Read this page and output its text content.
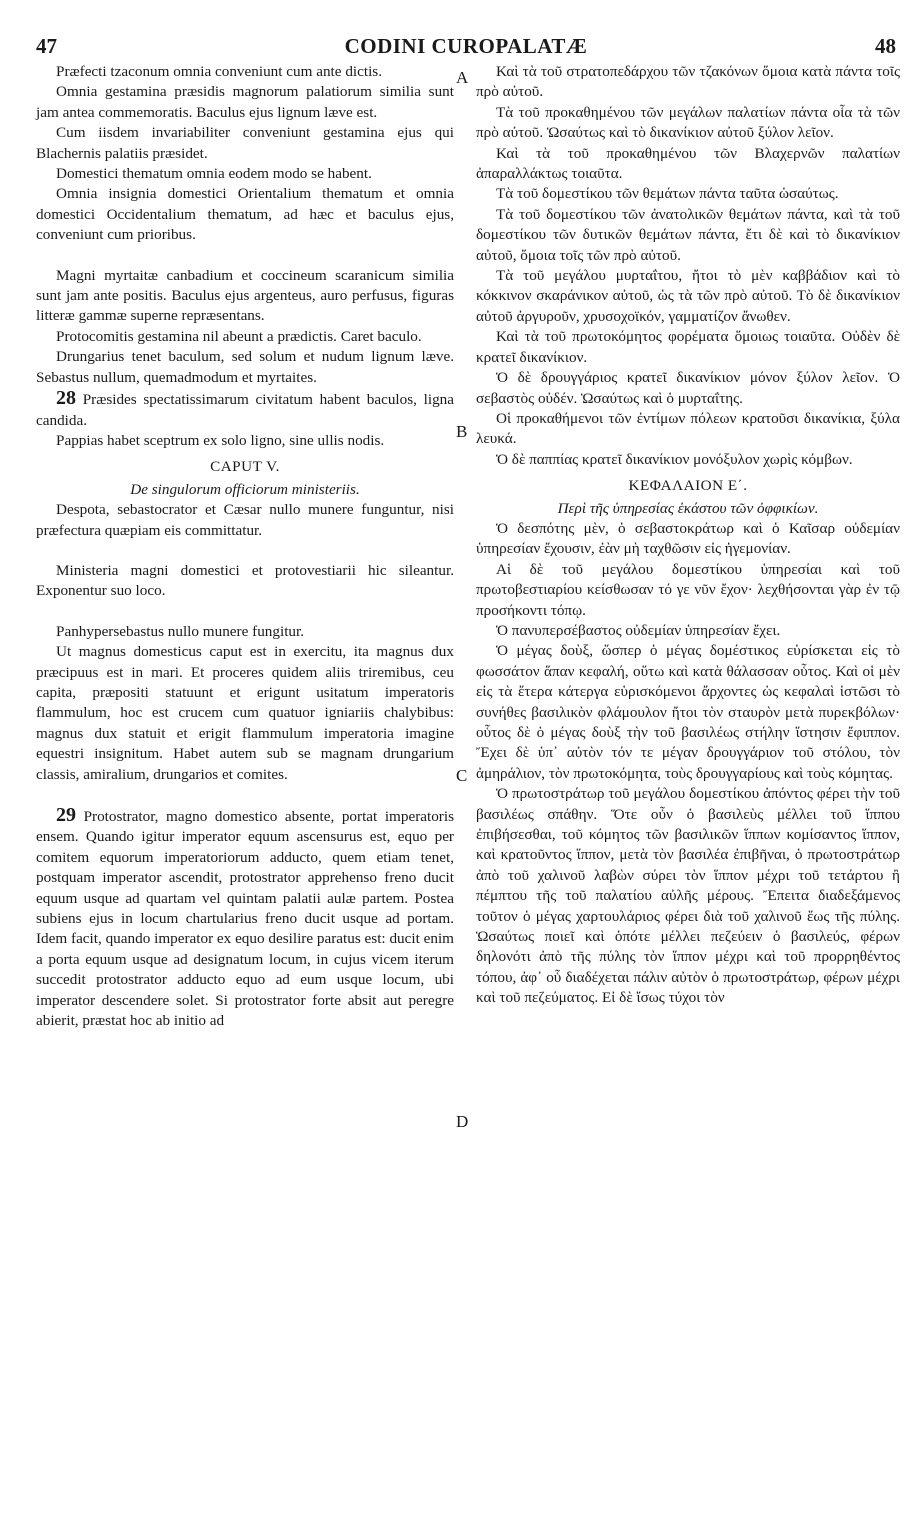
47	CODINI CUROPALATÆ	48
A
B
C
D

Præfecti tzaconum omnia conveniunt cum ante dictis.

Omnia gestamina præsidis magnorum palatiorum similia sunt jam antea commemoratis. Baculus ejus lignum læve est.

Cum iisdem invariabiliter conveniunt gestamina ejus qui Blachernis palatiis præsidet.

Domestici thematum omnia eodem modo se habent.

Omnia insignia domestici Orientalium thematum et omnia domestici Occidentalium thematum, ad hæc et baculus ejus, conveniunt cum prioribus.

Magni myrtaitæ canbadium et coccineum scaranicum similia sunt jam ante positis. Baculus ejus argenteus, auro perfusus, figuras litteræ gammæ superne repræsentans.

Protocomitis gestamina nil abeunt a prædictis. Caret baculo.

Drungarius tenet baculum, sed solum et nudum lignum læve. Sebastus nullum, quemadmodum et myrtaites.

28 Præsides spectatissimarum civitatum habent baculos, ligna candida.

Pappias habet sceptrum ex solo ligno, sine ullis nodis.

CAPUT V.

De singulorum officiorum ministeriis.

Despota, sebastocrator et Cæsar nullo munere funguntur, nisi præfectura quæpiam eis committatur.

Ministeria magni domestici et protovestiarii hic sileantur. Exponentur suo loco.

Panhypersebastus nullo munere fungitur.

Ut magnus domesticus caput est in exercitu, ita magnus dux præcipuus est in mari. Et proceres quidem aliis triremibus, ceu capita, præpositi statuunt et erigunt usitatum imperatoris flammulum, hoc est crucem cum quatuor igniariis chalybibus: magnus dux statuit et erigit flammulum imperatoria imagine equestri insignitum. Habet autem sub se magnam drungarium classis, amiralium, drungarios et comites.

29 Protostrator, magno domestico absente, portat imperatoris ensem. Quando igitur imperator equum ascensurus est, equo per comitem equorum imperatoriorum adducto, quem etiam tenet, postquam imperator ascendit, protostrator apprehenso freno ducit equum usque ad quartam vel quintam palatii aulæ partem. Postea subiens ejus in locum chartularius freno ducit usque ad portam. Idem facit, quando imperator ex equo desilire paratus est: ducit enim a porta equum usque ad designatum locum, in cujus vicem iterum succedit protostrator adducto equo ad eum usque locum, ubi imperator descendere solet. Si protostrator forte absit aut peregre abierit, præstat hoc ab initio ad

Καὶ τὰ τοῦ στρατοπεδάρχου τῶν τζακόνων ὅμοια κατὰ πάντα τοῖς πρὸ αὐτοῦ.

Τὰ τοῦ προκαθημένου τῶν μεγάλων παλατίων πάντα οἷα τὰ τῶν πρὸ αὐτοῦ. Ὡσαύτως καὶ τὸ δικανίκιον αὐτοῦ ξύλον λεῖον.

Καὶ τὰ τοῦ προκαθημένου τῶν Βλαχερνῶν παλατίων ἀπαραλλάκτως τοιαῦτα.

Τὰ τοῦ δομεστίκου τῶν θεμάτων πάντα ταῦτα ὡσαύτως.

Τὰ τοῦ δομεστίκου τῶν ἀνατολικῶν θεμάτων πάντα, καὶ τὰ τοῦ δομεστίκου τῶν δυτικῶν θεμάτων πάντα, ἔτι δὲ καὶ τὸ δικανίκιον αὐτοῦ, ὅμοια τοῖς τῶν πρὸ αὐτοῦ.

Τὰ τοῦ μεγάλου μυρταΐτου, ἤτοι τὸ μὲν καββάδιον καὶ τὸ κόκκινον σκαράνικον αὐτοῦ, ὡς τὰ τῶν πρὸ αὐτοῦ. Τὸ δὲ δικανίκιον αὐτοῦ ἀργυροῦν, χρυσοχοϊκόν, γαμματίζον ἄνωθεν.

Καὶ τὰ τοῦ πρωτοκόμητος φορέματα ὅμοιως τοιαῦτα. Οὐδὲν δὲ κρατεῖ δικανίκιον.

Ὁ δὲ δρουγγάριος κρατεῖ δικανίκιον μόνον ξύλον λεῖον. Ὁ σεβαστὸς οὐδέν. Ὡσαύτως καὶ ὁ μυρταΐτης.

Οἱ προκαθήμενοι τῶν ἐντίμων πόλεων κρατοῦσι δικανίκια, ξύλα λευκά.

Ὁ δὲ παππίας κρατεῖ δικανίκιον μονόξυλον χωρὶς κόμβων.

ΚΕΦΑΛΑΙΟΝ Ε΄.

Περὶ τῆς ὑπηρεσίας ἑκάστου τῶν ὀφφικίων.

Ὁ δεσπότης μὲν, ὁ σεβαστοκράτωρ καὶ ὁ Καῖσαρ οὐδεμίαν ὑπηρεσίαν ἔχουσιν, ἐὰν μὴ ταχθῶσιν εἰς ἡγεμονίαν.

Αἱ δὲ τοῦ μεγάλου δομεστίκου ὑπηρεσίαι καὶ τοῦ πρωτοβεστιαρίου κείσθωσαν τό γε νῦν ἔχον· λεχθήσονται γὰρ ἐν τῷ προσήκοντι τόπῳ.

Ὁ πανυπερσέβαστος οὐδεμίαν ὑπηρεσίαν ἔχει.

Ὁ μέγας δοὺξ, ὥσπερ ὁ μέγας δομέστικος εὑρίσκεται εἰς τὸ φωσσάτον ἅπαν κεφαλή, οὕτω καὶ κατὰ θάλασσαν οὗτος. Καὶ οἱ μὲν εἰς τὰ ἕτερα κάτεργα εὑρισκόμενοι ἄρχοντες ὡς κεφαλαὶ ἱστῶσι τὸ συνήθες βασιλικὸν φλάμουλον ἤτοι τὸν σταυρὸν μετὰ πυρεκβόλων· οὗτος δὲ ὁ μέγας δοὺξ τὴν τοῦ βασιλέως στήλην ἵστησιν ἔφιππον. Ἔχει δὲ ὑπ᾽ αὐτὸν τόν τε μέγαν δρουγγάριον τοῦ στόλου, τὸν ἀμηράλιον, τὸν πρωτοκόμητα, τοὺς δρουγγαρίους καὶ τοὺς κόμητας.

Ὁ πρωτοστράτωρ τοῦ μεγάλου δομεστίκου ἀπόντος φέρει τὴν τοῦ βασιλέως σπάθην. Ὅτε οὖν ὁ βασιλεὺς μέλλει τοῦ ἵππου ἐπιβήσεσθαι, τοῦ κόμητος τῶν βασιλικῶν ἵππων κομίσαντος ἵππον, καὶ κρατοῦντος ἵππον, μετὰ τὸν βασιλέα ἐπιβῆναι, ὁ πρωτοστράτωρ ἀπὸ τοῦ χαλινοῦ λαβὼν σύρει τὸν ἵππον μέχρι τοῦ τετάρτου ἢ πέμπτου τῆς τοῦ παλατίου αὐλῆς μέρους. Ἔπειτα διαδεξάμενος τοῦτον ὁ μέγας χαρτουλάριος φέρει διὰ τοῦ χαλινοῦ ἕως τῆς πύλης. Ὡσαύτως ποιεῖ καὶ ὁπότε μέλλει πεζεύειν ὁ βασιλεύς, φέρων δηλονότι ἀπὸ τῆς πύλης τὸν ἵππον μέχρι καὶ τοῦ προρρηθέντος τόπου, ἀφ᾽ οὗ διαδέχεται πάλιν αὐτὸν ὁ πρωτοστράτωρ, φέρων μέχρι καὶ τοῦ πεζεύματος. Εἰ δὲ ἴσως τύχοι τὸν
